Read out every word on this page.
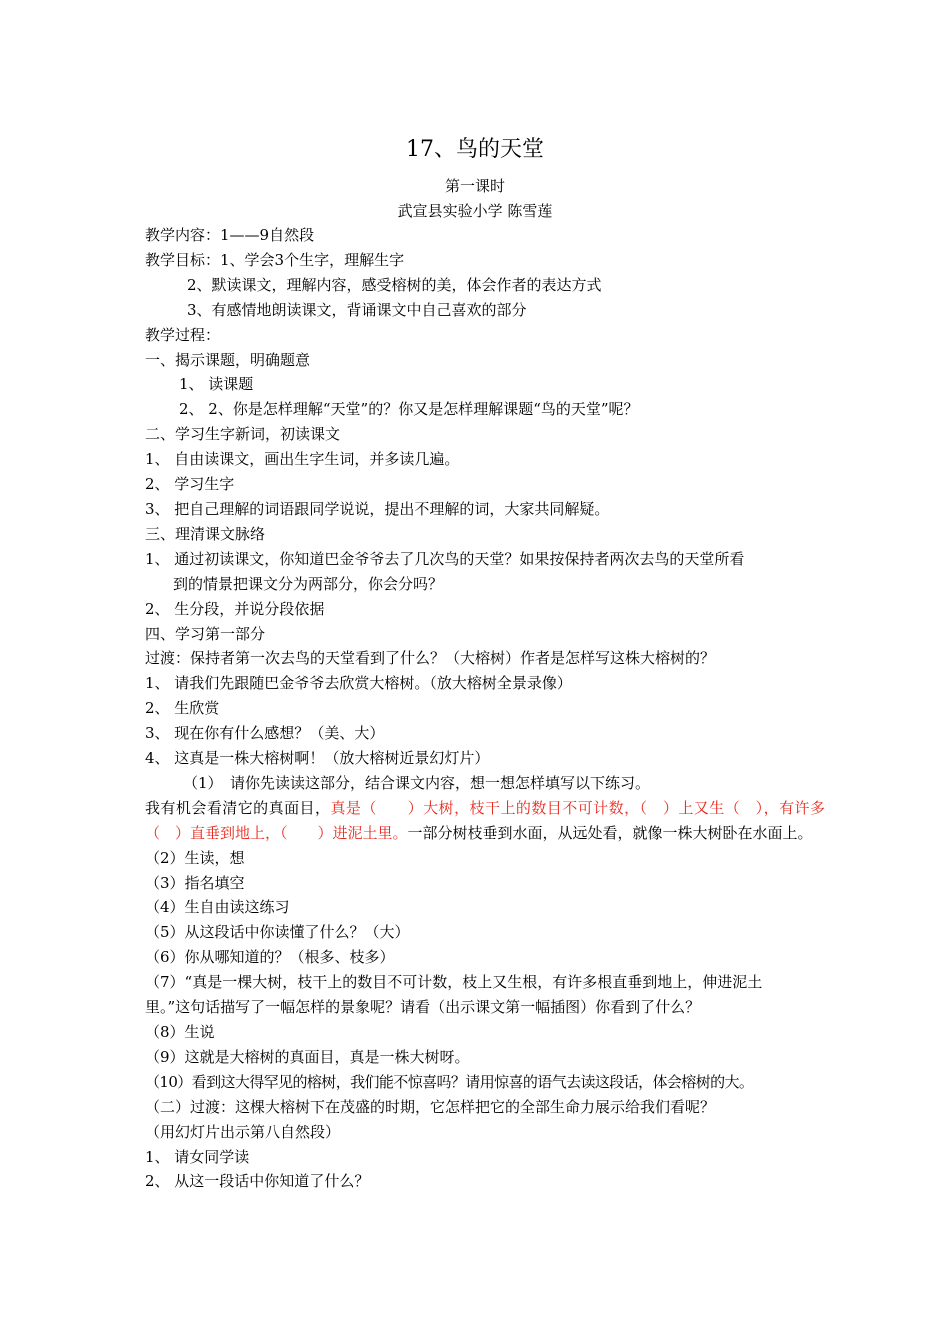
17、鸟的天堂
第一课时
武宣县实验小学 陈雪莲
教学内容：1——9自然段
教学目标：1、学会3个生字，理解生字
2、默读课文，理解内容，感受榕树的美，体会作者的表达方式
3、有感情地朗读课文，背诵课文中自己喜欢的部分
教学过程：
一、揭示课题，明确题意
1、 读课题
2、 2、你是怎样理解“天堂”的？你又是怎样理解课题“鸟的天堂”呢？
二、学习生字新词，初读课文
1、 自由读课文，画出生字生词，并多读几遍。
2、 学习生字
3、 把自己理解的词语跟同学说说，提出不理解的词，大家共同解疑。
三、理清课文脉络
1、 通过初读课文，你知道巴金爷爷去了几次鸟的天堂？如果按保持者两次去鸟的天堂所看
到的情景把课文分为两部分，你会分吗？
2、 生分段，并说分段依据
四、学习第一部分
过渡：保持者第一次去鸟的天堂看到了什么？（大榕树）作者是怎样写这株大榕树的？
1、 请我们先跟随巴金爷爷去欣赏大榕树。（放大榕树全景录像）
2、 生欣赏
3、 现在你有什么感想？（美、大）
4、 这真是一株大榕树啊！（放大榕树近景幻灯片）
（1）　请你先读读这部分，结合课文内容，想一想怎样填写以下练习。
我有机会看清它的真面目，真是（　　）大树，枝干上的数目不可计数，（　）上又生（　），有许多（　）直垂到地上，（　　）进泥土里。一部分树枝垂到水面，从远处看，就像一株大树卧在水面上。
（2）生读，想
（3）指名填空
（4）生自由读这练习
（5）从这段话中你读懂了什么？（大）
（6）你从哪知道的？（根多、枝多）
（7）“真是一棵大树，枝干上的数目不可计数，枝上又生根，有许多根直垂到地上，伸进泥土
里。”这句话描写了一幅怎样的景象呢？请看（出示课文第一幅插图）你看到了什么？
（8）生说
（9）这就是大榕树的真面目，真是一株大树呀。
（10）看到这大得罕见的榕树，我们能不惊喜吗？请用惊喜的语气去读这段话，体会榕树的大。
（二）过渡：这棵大榕树下在茂盛的时期，它怎样把它的全部生命力展示给我们看呢？
（用幻灯片出示第八自然段）
1、 请女同学读
2、 从这一段话中你知道了什么？
